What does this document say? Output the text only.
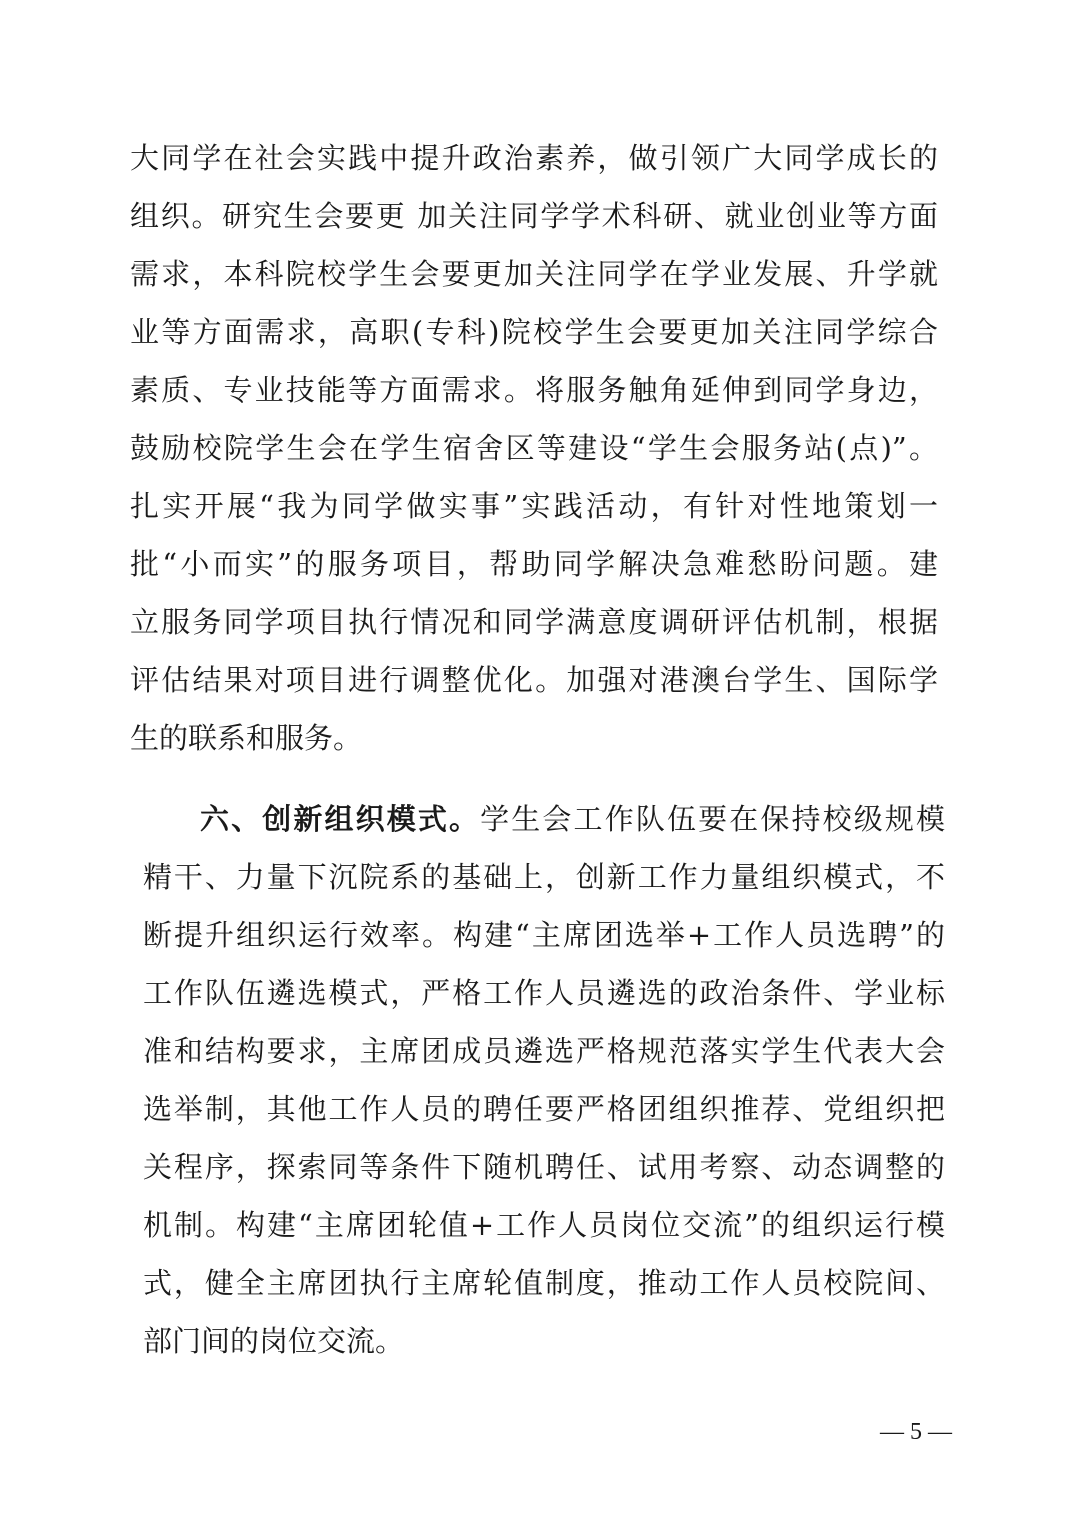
大同学在社会实践中提升政治素养，做引领广大同学成长的
组织。研究生会要更 加关注同学学术科研、就业创业等方面
需求，本科院校学生会要更加关注同学在学业发展、升学就
业等方面需求，高职(专科)院校学生会要更加关注同学综合
素质、专业技能等方面需求。将服务触角延伸到同学身边，
鼓励校院学生会在学生宿舍区等建设“学生会服务站(点)”。
扎实开展“我为同学做实事”实践活动，有针对性地策划一
批“小而实”的服务项目，帮助同学解决急难愁盼问题。建
立服务同学项目执行情况和同学满意度调研评估机制，根据
评估结果对项目进行调整优化。加强对港澳台学生、国际学
生的联系和服务。
六、创新组织模式。学生会工作队伍要在保持校级规模
精干、力量下沉院系的基础上，创新工作力量组织模式，不
断提升组织运行效率。构建“主席团选举+工作人员选聘”的
工作队伍遴选模式，严格工作人员遴选的政治条件、学业标
准和结构要求，主席团成员遴选严格规范落实学生代表大会
选举制，其他工作人员的聘任要严格团组织推荐、党组织把
关程序，探索同等条件下随机聘任、试用考察、动态调整的
机制。构建“主席团轮值+工作人员岗位交流”的组织运行模
式，健全主席团执行主席轮值制度，推动工作人员校院间、
部门间的岗位交流。
— 5 —
